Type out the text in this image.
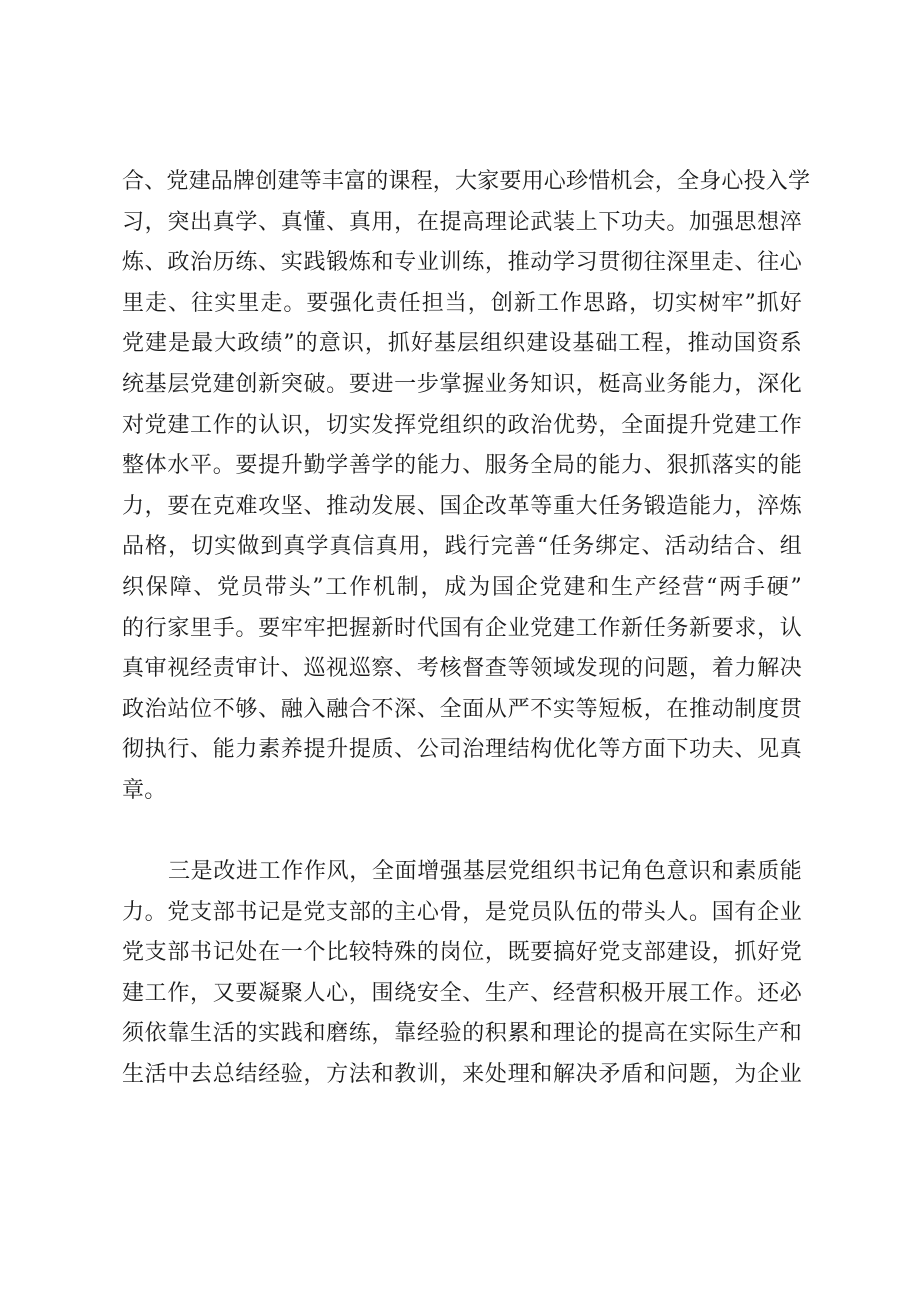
合、党建品牌创建等丰富的课程，大家要用心珍惜机会，全身心投入学
习，突出真学、真懂、真用，在提高理论武装上下功夫。加强思想淬
炼、政治历练、实践锻炼和专业训练，推动学习贯彻往深里走、往心
里走、往实里走。要强化责任担当，创新工作思路，切实树牢”抓好
党建是最大政绩”的意识，抓好基层组织建设基础工程，推动国资系
统基层党建创新突破。要进一步掌握业务知识，梃高业务能力，深化
对党建工作的认识，切实发挥党组织的政治优势，全面提升党建工作
整体水平。要提升勤学善学的能力、服务全局的能力、狠抓落实的能
力，要在克难攻坚、推动发展、国企改革等重大任务锻造能力，淬炼
品格，切实做到真学真信真用，践行完善“任务绑定、活动结合、组
织保障、党员带头”工作机制，成为国企党建和生产经营“两手硬”
的行家里手。要牢牢把握新时代国有企业党建工作新任务新要求，认
真审视经责审计、巡视巡察、考核督查等领域发现的问题，着力解决
政治站位不够、融入融合不深、全面从严不实等短板，在推动制度贯
彻执行、能力素养提升提质、公司治理结构优化等方面下功夫、见真
章。
三是改进工作作风，全面增强基层党组织书记角色意识和素质能
力。党支部书记是党支部的主心骨，是党员队伍的带头人。国有企业
党支部书记处在一个比较特殊的岗位，既要搞好党支部建设，抓好党
建工作，又要凝聚人心，围绕安全、生产、经营积极开展工作。还必
须依靠生活的实践和磨练，靠经验的积累和理论的提高在实际生产和
生活中去总结经验，方法和教训，来处理和解决矛盾和问题，为企业
